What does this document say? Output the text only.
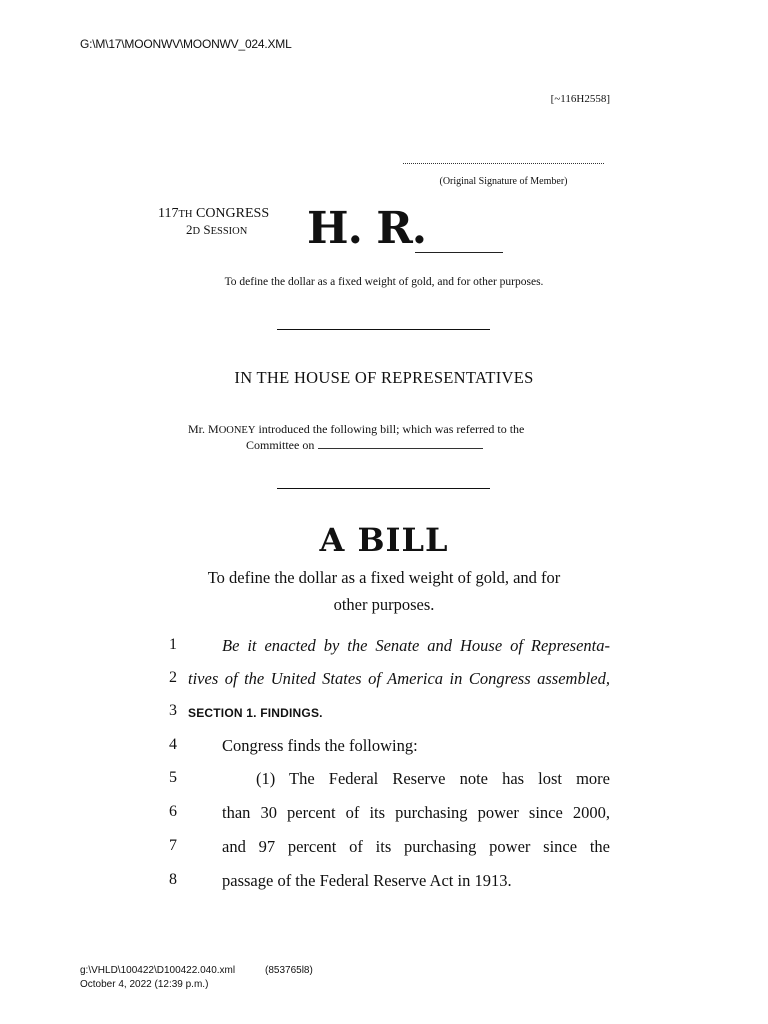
G:\M\17\MOONWV\MOONWV_024.XML
[~116H2558]
(Original Signature of Member)
117TH CONGRESS
2D SESSION H. R.
To define the dollar as a fixed weight of gold, and for other purposes.
IN THE HOUSE OF REPRESENTATIVES
Mr. MOONEY introduced the following bill; which was referred to the
Committee on
A BILL
To define the dollar as a fixed weight of gold, and for
other purposes.
1	Be it enacted by the Senate and House of Representa-
2 tives of the United States of America in Congress assembled,
3 SECTION 1. FINDINGS.
4	Congress finds the following:
5	(1) The Federal Reserve note has lost more
6	than 30 percent of its purchasing power since 2000,
7	and 97 percent of its purchasing power since the
8	passage of the Federal Reserve Act in 1913.
g:\VHLD\100422\D100422.040.xml	(853765l8)
October 4, 2022 (12:39 p.m.)
